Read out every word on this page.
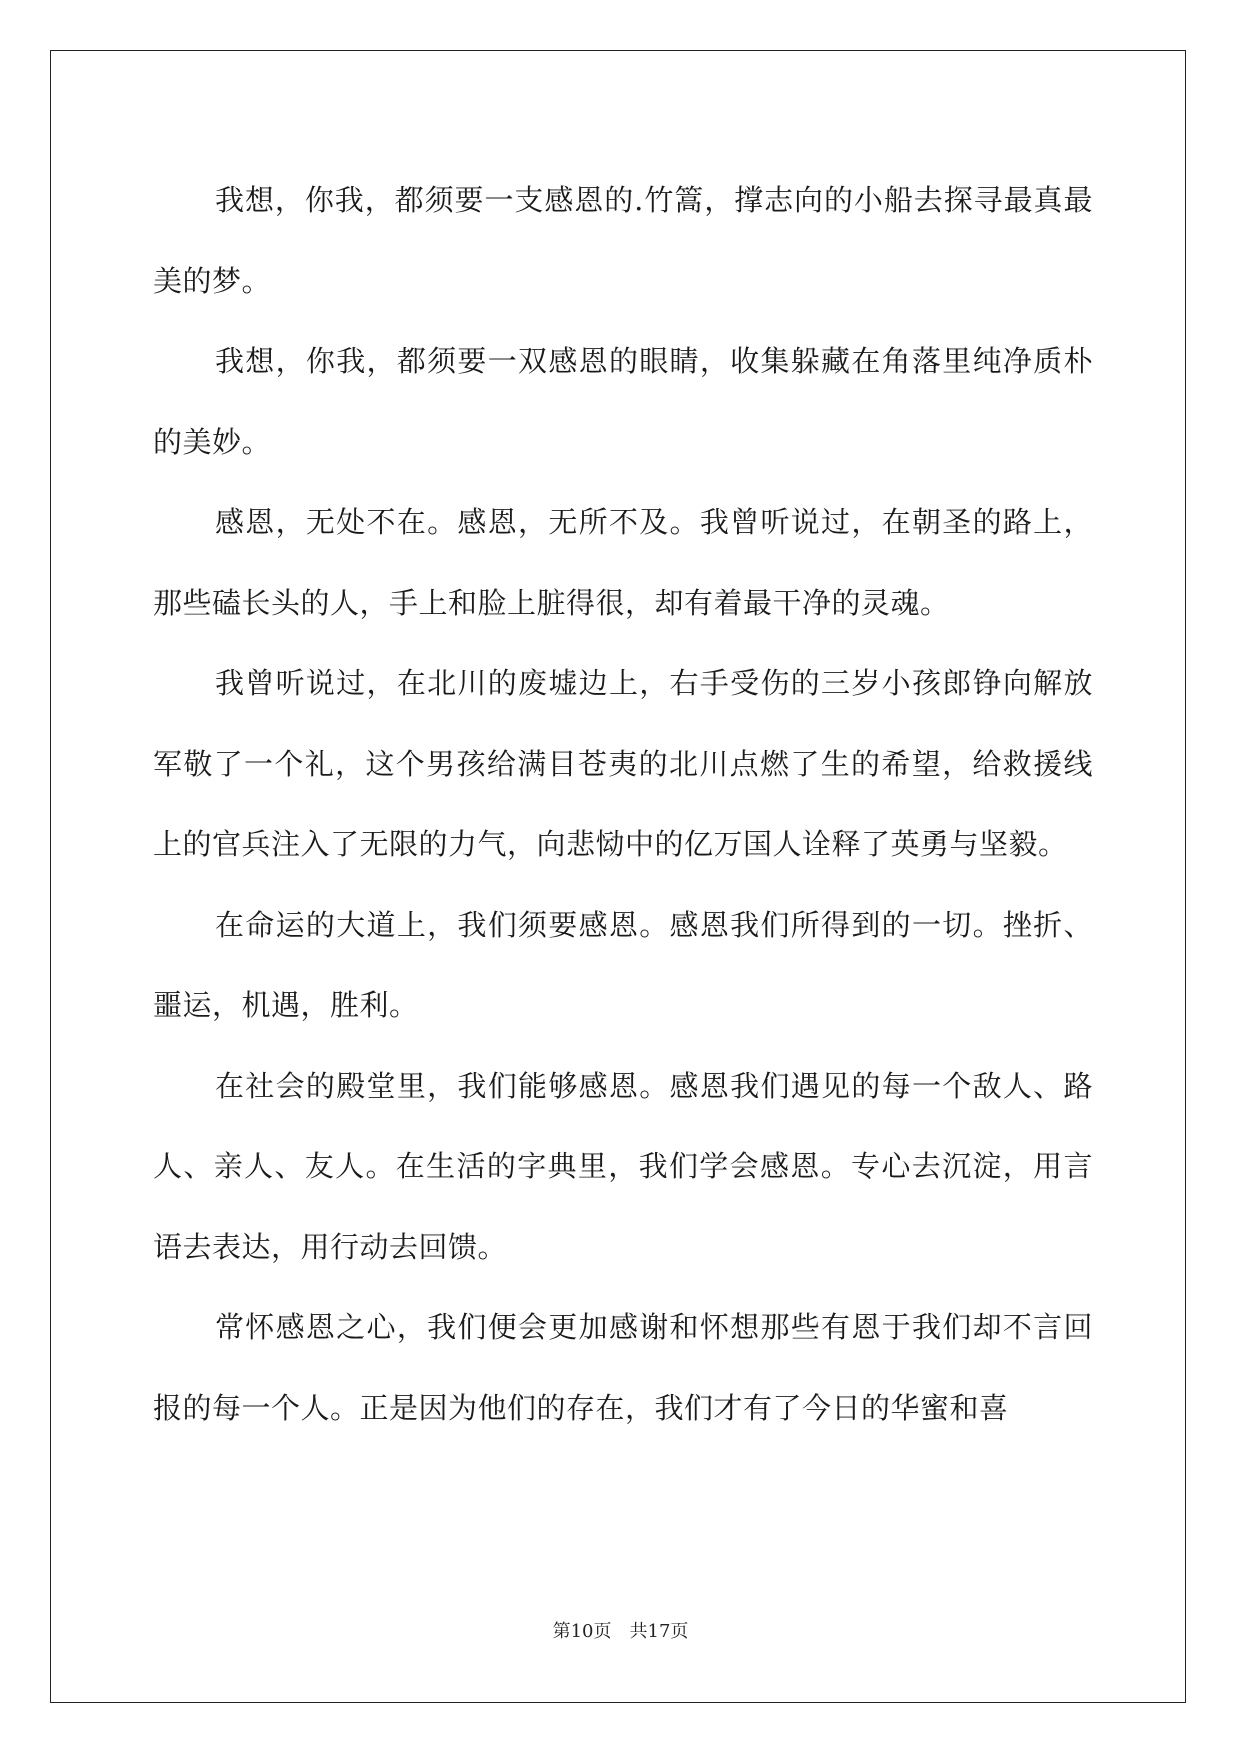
我想，你我，都须要一支感恩的.竹篙，撑志向的小船去探寻最真最美的梦。

我想，你我，都须要一双感恩的眼睛，收集躲藏在角落里纯净质朴的美妙。

感恩，无处不在。感恩，无所不及。我曾听说过，在朝圣的路上，那些磕长头的人，手上和脸上脏得很，却有着最干净的灵魂。

我曾听说过，在北川的废墟边上，右手受伤的三岁小孩郎铮向解放军敬了一个礼，这个男孩给满目苍夷的北川点燃了生的希望，给救援线上的官兵注入了无限的力气，向悲恸中的亿万国人诠释了英勇与坚毅。

在命运的大道上，我们须要感恩。感恩我们所得到的一切。挫折、噩运，机遇，胜利。

在社会的殿堂里，我们能够感恩。感恩我们遇见的每一个敌人、路人、亲人、友人。在生活的字典里，我们学会感恩。专心去沉淀，用言语去表达，用行动去回馈。

常怀感恩之心，我们便会更加感谢和怀想那些有恩于我们却不言回报的每一个人。正是因为他们的存在，我们才有了今日的华蜜和喜

第10页 共17页
